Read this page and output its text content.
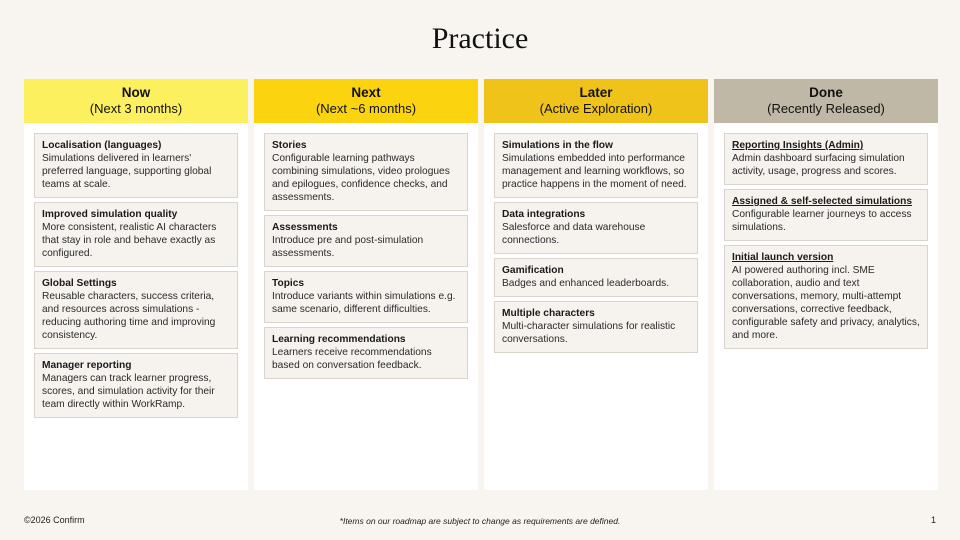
Practice
Now
(Next 3 months)
Localisation (languages)
Simulations delivered in learners' preferred language, supporting global teams at scale.
Improved simulation quality
More consistent, realistic AI characters that stay in role and behave exactly as configured.
Global Settings
Reusable characters, success criteria, and resources across simulations - reducing authoring time and improving consistency.
Manager reporting
Managers can track learner progress, scores, and simulation activity for their team directly within WorkRamp.
Next
(Next ~6 months)
Stories
Configurable learning pathways combining simulations, video prologues and epilogues, confidence checks, and assessments.
Assessments
Introduce pre and post-simulation assessments.
Topics
Introduce variants within simulations e.g. same scenario, different difficulties.
Learning recommendations
Learners receive recommendations based on conversation feedback.
Later
(Active Exploration)
Simulations in the flow
Simulations embedded into performance management and learning workflows, so practice happens in the moment of need.
Data integrations
Salesforce and data warehouse connections.
Gamification
Badges and enhanced leaderboards.
Multiple characters
Multi-character simulations for realistic conversations.
Done
(Recently Released)
Reporting Insights (Admin)
Admin dashboard surfacing simulation activity, usage, progress and scores.
Assigned & self-selected simulations
Configurable learner journeys to access simulations.
Initial launch version
AI powered authoring incl. SME collaboration, audio and text conversations, memory, multi-attempt conversations, corrective feedback, configurable safety and privacy, analytics, and more.
©2026 Confirm	*Items on our roadmap are subject to change as requirements are defined.	1
